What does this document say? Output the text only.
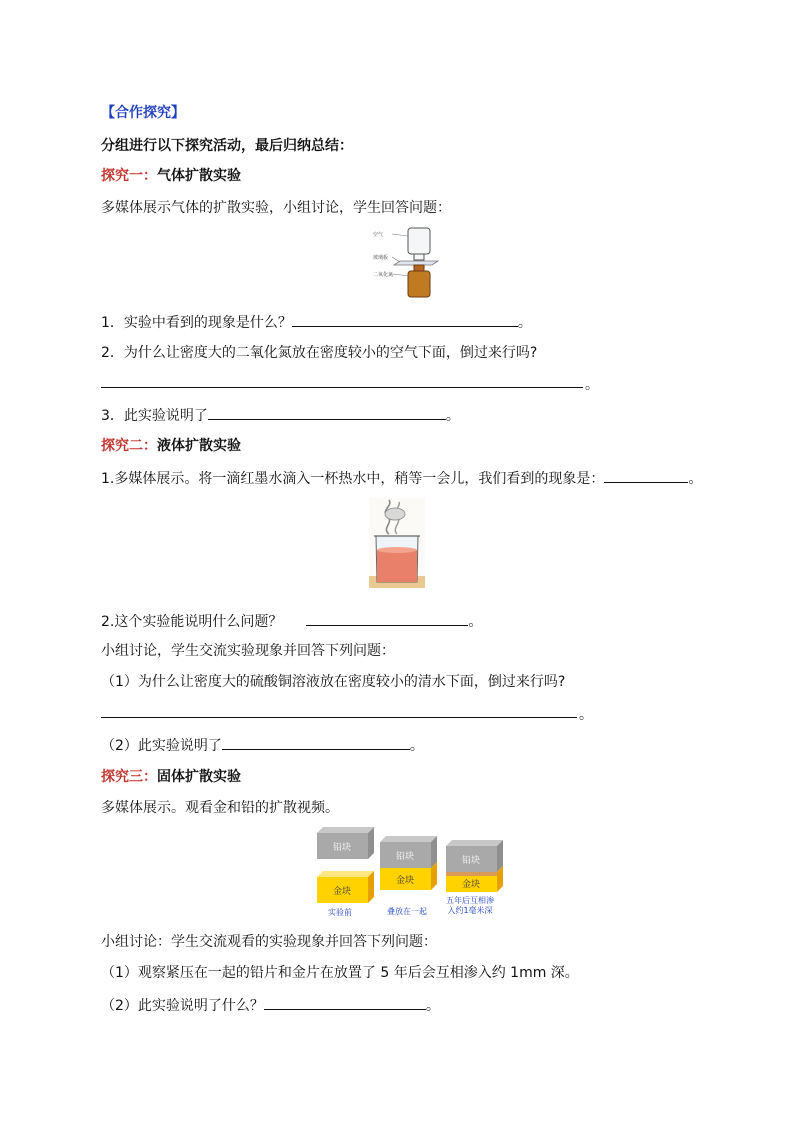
【合作探究】
分组进行以下探究活动，最后归纳总结：
探究一：气体扩散实验
多媒体展示气体的扩散实验，小组讨论，学生回答问题：
空气
玻璃板
二氧化氮
1．实验中看到的现象是什么？	。
2．为什么让密度大的二氧化氮放在密度较小的空气下面，倒过来行吗?
。
3．此实验说明了	。
探究二：液体扩散实验
1.多媒体展示。将一滴红墨水滴入一杯热水中，稍等一会儿，我们看到的现象是：	。
2.这个实验能说明什么问题？	。
小组讨论，学生交流实验现象并回答下列问题：
（1）为什么让密度大的硫酸铜溶液放在密度较小的清水下面，倒过来行吗?
。
（2）此实验说明了	。
探究三：固体扩散实验
多媒体展示。观看金和铅的扩散视频。
铅块
金块
实验前
铅块
金块
叠放在一起
铅块
金块
五年后互相渗
入约1毫米深
小组讨论：学生交流观看的实验现象并回答下列问题：
（1）观察紧压在一起的铅片和金片在放置了 5 年后会互相渗入约 1mm 深。
（2）此实验说明了什么？	。
